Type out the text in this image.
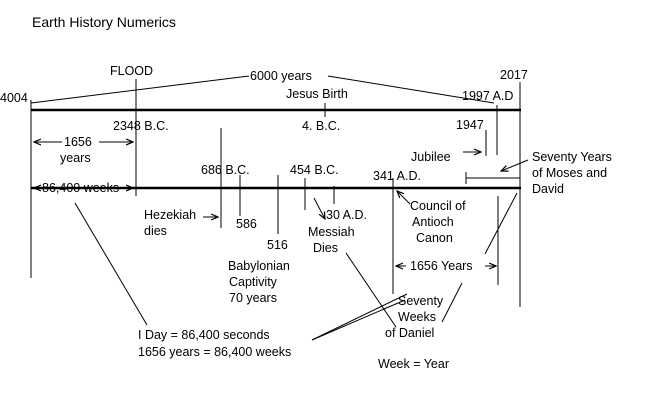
Earth History Numerics
FLOOD	6000 years	2017
4004	Jesus Birth	1997 A.D
2348 B.C.	4. B.C.	1947
1656
years	Jubilee	Seventy Years
of Moses and
David
686 B.C.	454 B.C.	341 A.D.
86,400 weeks
Hezekiah
dies
30 A.D.
Council of
Antioch
Canon
586
516
Messiah
Dies
Babylonian
Captivity
70 years
1656 Years
Seventy
Weeks
of Daniel
I Day = 86,400 seconds
1656 years = 86,400 weeks
Week = Year
